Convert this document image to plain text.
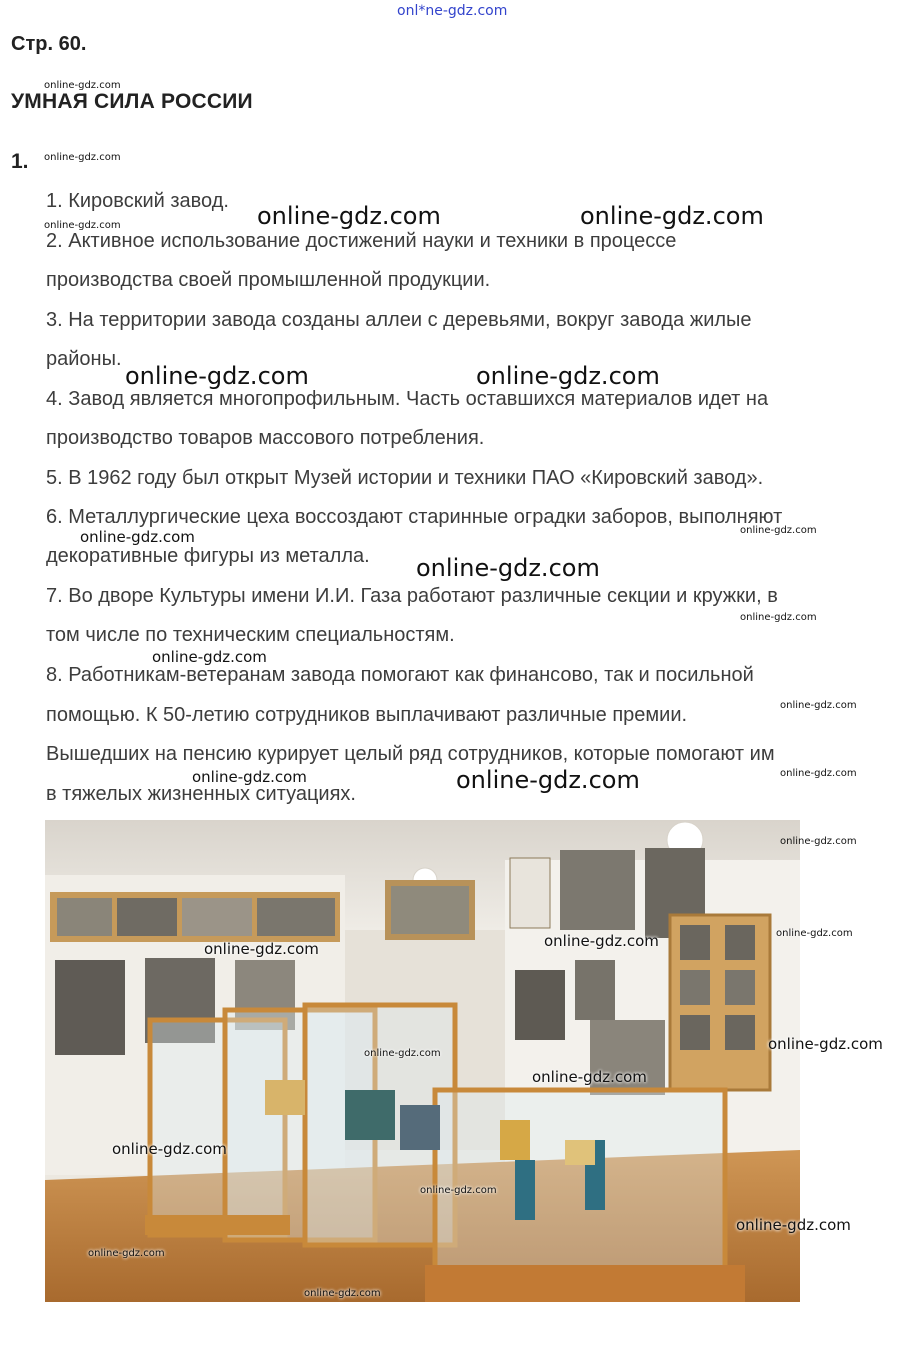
onl*ne-gdz.com
Стр. 60.
УМНАЯ СИЛА РОССИИ
1.
1. Кировский завод.
2. Активное использование достижений науки и техники в процессе
производства своей промышленной продукции.
3. На территории завода созданы аллеи с деревьями, вокруг завода жилые
районы.
4. Завод является многопрофильным. Часть оставшихся материалов идет на
производство товаров массового потребления.
5. В 1962 году был открыт Музей истории и техники ПАО «Кировский завод».
6. Металлургические цеха воссоздают старинные оградки заборов, выполняют
декоративные фигуры из металла.
7. Во дворе Культуры имени И.И. Газа работают различные секции и кружки, в
том числе по техническим специальностям.
8. Работникам-ветеранам завода помогают как финансово, так и посильной
помощью. К 50-летию сотрудников выплачивают различные премии.
Вышедших на пенсию курирует целый ряд сотрудников, которые помогают им
в тяжелых жизненных ситуациях.
online-gdz.com
online-gdz.com
online-gdz.com	online-gdz.com	online-gdz.com
online-gdz.com	online-gdz.com
online-gdz.com	online-gdz.com
online-gdz.com
online-gdz.com
online-gdz.com
online-gdz.com
online-gdz.com	online-gdz.com	online-gdz.com
online-gdz.com
online-gdz.com	online-gdz.com	online-gdz.com
online-gdz.com
online-gdz.com
online-gdz.com
online-gdz.com
online-gdz.com
online-gdz.com
online-gdz.com
online-gdz.com
